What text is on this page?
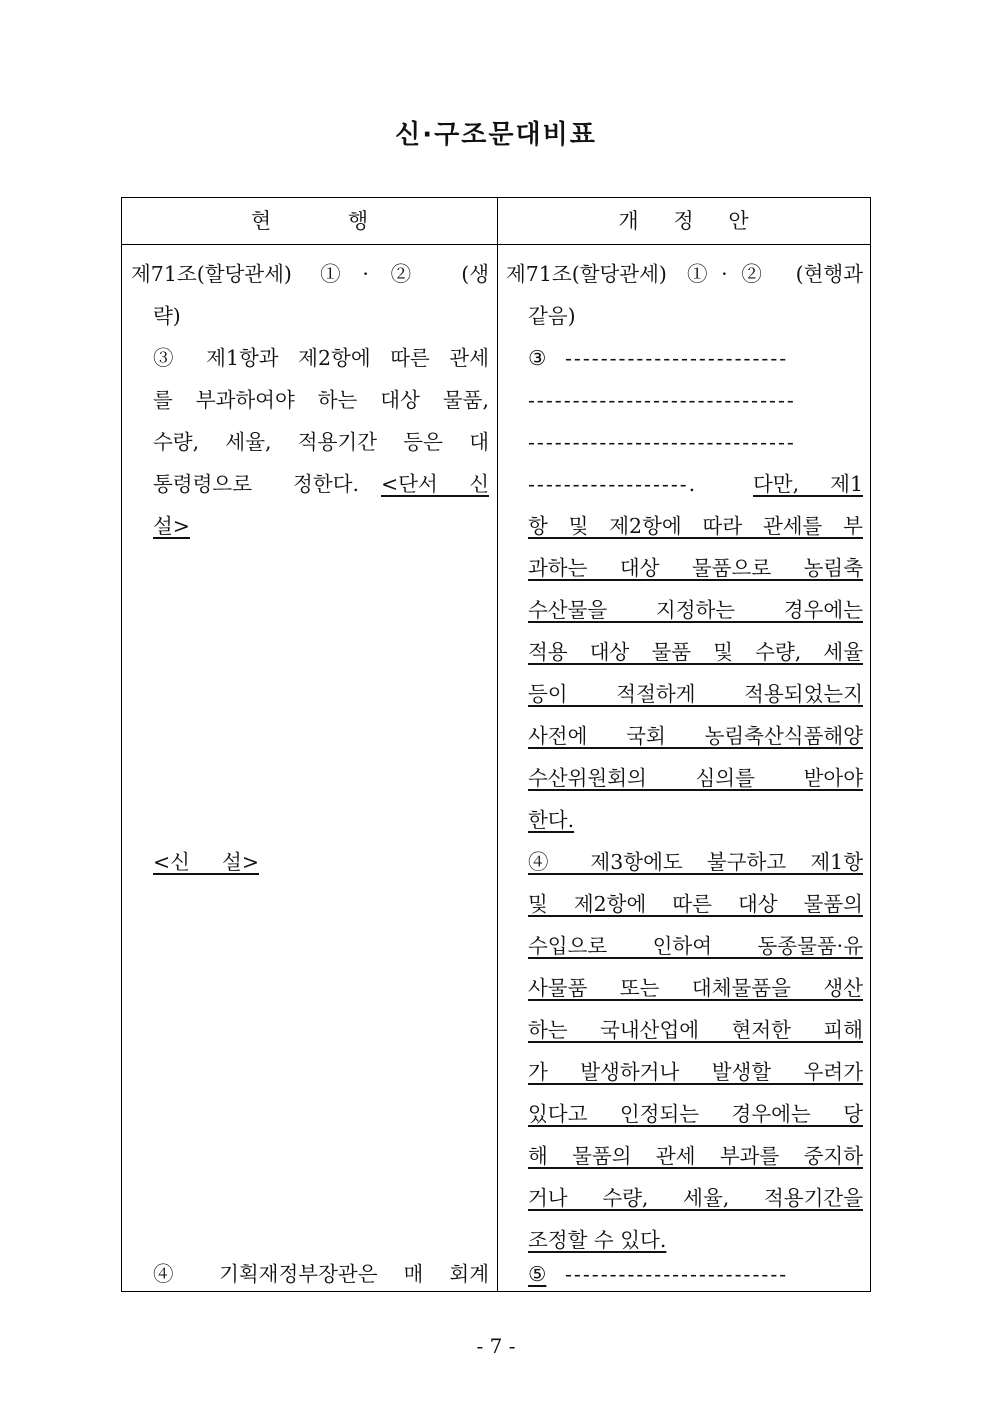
신·구조문대비표
현 행	개 정 안
제71조(할당관세) ①·② (생
략)
③ 제1항과 제2항에 따른 관세
를 부과하여야 하는 대상 물품,
수량, 세율, 적용기간 등은 대
통령령으로 정한다. <단서 신
설>
<신 설>
④ 기획재정부장관은 매 회계
제71조(할당관세) ①·② (현행과
같음)
③ -------------------------
------------------------------
------------------------------
------------------.	다만, 제1
항 및 제2항에 따라 관세를 부
과하는 대상 물품으로 농림축
수산물을 지정하는 경우에는
적용 대상 물품 및 수량, 세율
등이 적절하게 적용되었는지
사전에 국회 농림축산식품해양
수산위원회의 심의를 받아야
한다.
④ 제3항에도 불구하고 제1항
및 제2항에 따른 대상 물품의
수입으로 인하여 동종물품·유
사물품 또는 대체물품을 생산
하는 국내산업에 현저한 피해
가 발생하거나 발생할 우려가
있다고 인정되는 경우에는 당
해 물품의 관세 부과를 중지하
거나 수량, 세율, 적용기간을
조정할 수 있다.
⑤ -------------------------
- 7 -
